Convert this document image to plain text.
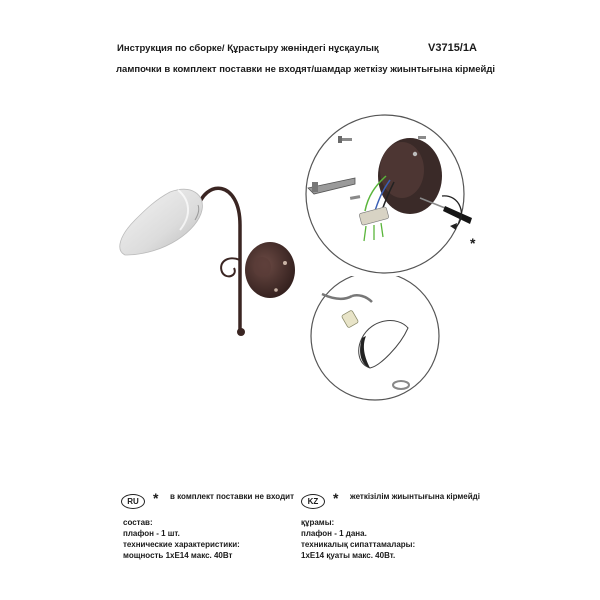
Инструкция по сборке/ Құрастыру жөніндегі нұсқаулық	V3715/1A
лампочки в комплект поставки не входят/шамдар жеткізу жиынтығына кірмейді
*
RU	* в комплект поставки не входит
KZ	* жеткізілім жиынтығына кірмейді
состав:
плафон - 1 шт.
технические характеристики:
мощность 1хЕ14 макс. 40Вт
құрамы:
плафон - 1 дана.
техникалық сипаттамалары:
1хЕ14 қуаты макс. 40Вт.
